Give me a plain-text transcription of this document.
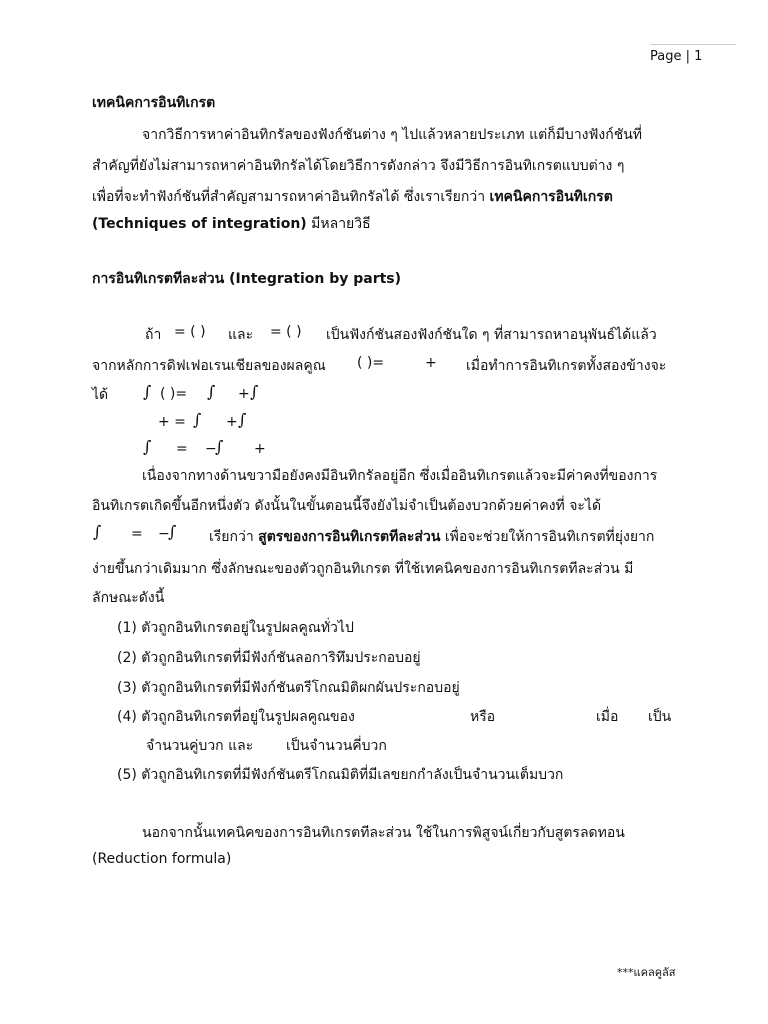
Page | 1
เทคนิคการอินทิเกรต
จากวิธีการหาค่าอินทิกรัลของฟังก์ชันต่าง ๆ ไปแล้วหลายประเภท แต่ก็มีบางฟังก์ชันที่
สำคัญที่ยังไม่สามารถหาค่าอินทิกรัลได้โดยวิธีการดังกล่าว จึงมีวิธีการอินทิเกรตแบบต่าง ๆ
เพื่อที่จะทำฟังก์ชันที่สำคัญสามารถหาค่าอินทิกรัลได้ ซึ่งเราเรียกว่า เทคนิคการอินทิเกรต
(Techniques of integration) มีหลายวิธี
การอินทิเกรตทีละส่วน (Integration by parts)
ถ้า = ( ) และ = ( ) เป็นฟังก์ชันสองฟังก์ชันใด ๆ ที่สามารถหาอนุพันธ์ได้แล้ว
จากหลักการดิฟเฟอเรนเชียลของผลคูณ ( )=	+ เมื่อทำการอินทิเกรตทั้งสองข้างจะ
ได้ ∫ ( )= ∫ + ∫
+ = ∫ + ∫
∫ = −
∫ +
เนื่องจากทางด้านขวามือยังคงมีอินทิกรัลอยู่อีก ซึ่งเมื่ออินทิเกรตแล้วจะมีค่าคงที่ของการ
อินทิเกรตเกิดขึ้นอีกหนึ่งตัว ดังนั้นในขั้นตอนนี้จึงยังไม่จำเป็นต้องบวกด้วยค่าคงที่ จะได้
∫ = −
∫ เรียกว่า สูตรของการอินทิเกรตทีละส่วน เพื่อจะช่วยให้การอินทิเกรตที่ยุ่งยาก
ง่ายขึ้นกว่าเดิมมาก ซึ่งลักษณะของตัวถูกอินทิเกรต ที่ใช้เทคนิคของการอินทิเกรตทีละส่วน มี
ลักษณะดังนี้
(1) ตัวถูกอินทิเกรตอยู่ในรูปผลคูณทั่วไป
(2) ตัวถูกอินทิเกรตที่มีฟังก์ชันลอการิทึมประกอบอยู่
(3) ตัวถูกอินทิเกรตที่มีฟังก์ชันตรีโกณมิติผกผันประกอบอยู่
(4) ตัวถูกอินทิเกรตที่อยู่ในรูปผลคูณของ	หรือ	เมื่อ เป็น
จำนวนคู่บวก และ เป็นจำนวนคี่บวก
(5) ตัวถูกอินทิเกรตที่มีฟังก์ชันตรีโกณมิติที่มีเลขยกกำลังเป็นจำนวนเต็มบวก
นอกจากนั้นเทคนิคของการอินทิเกรตทีละส่วน ใช้ในการพิสูจน์เกี่ยวกับสูตรลดทอน
(Reduction formula)
***แคลคูลัส
